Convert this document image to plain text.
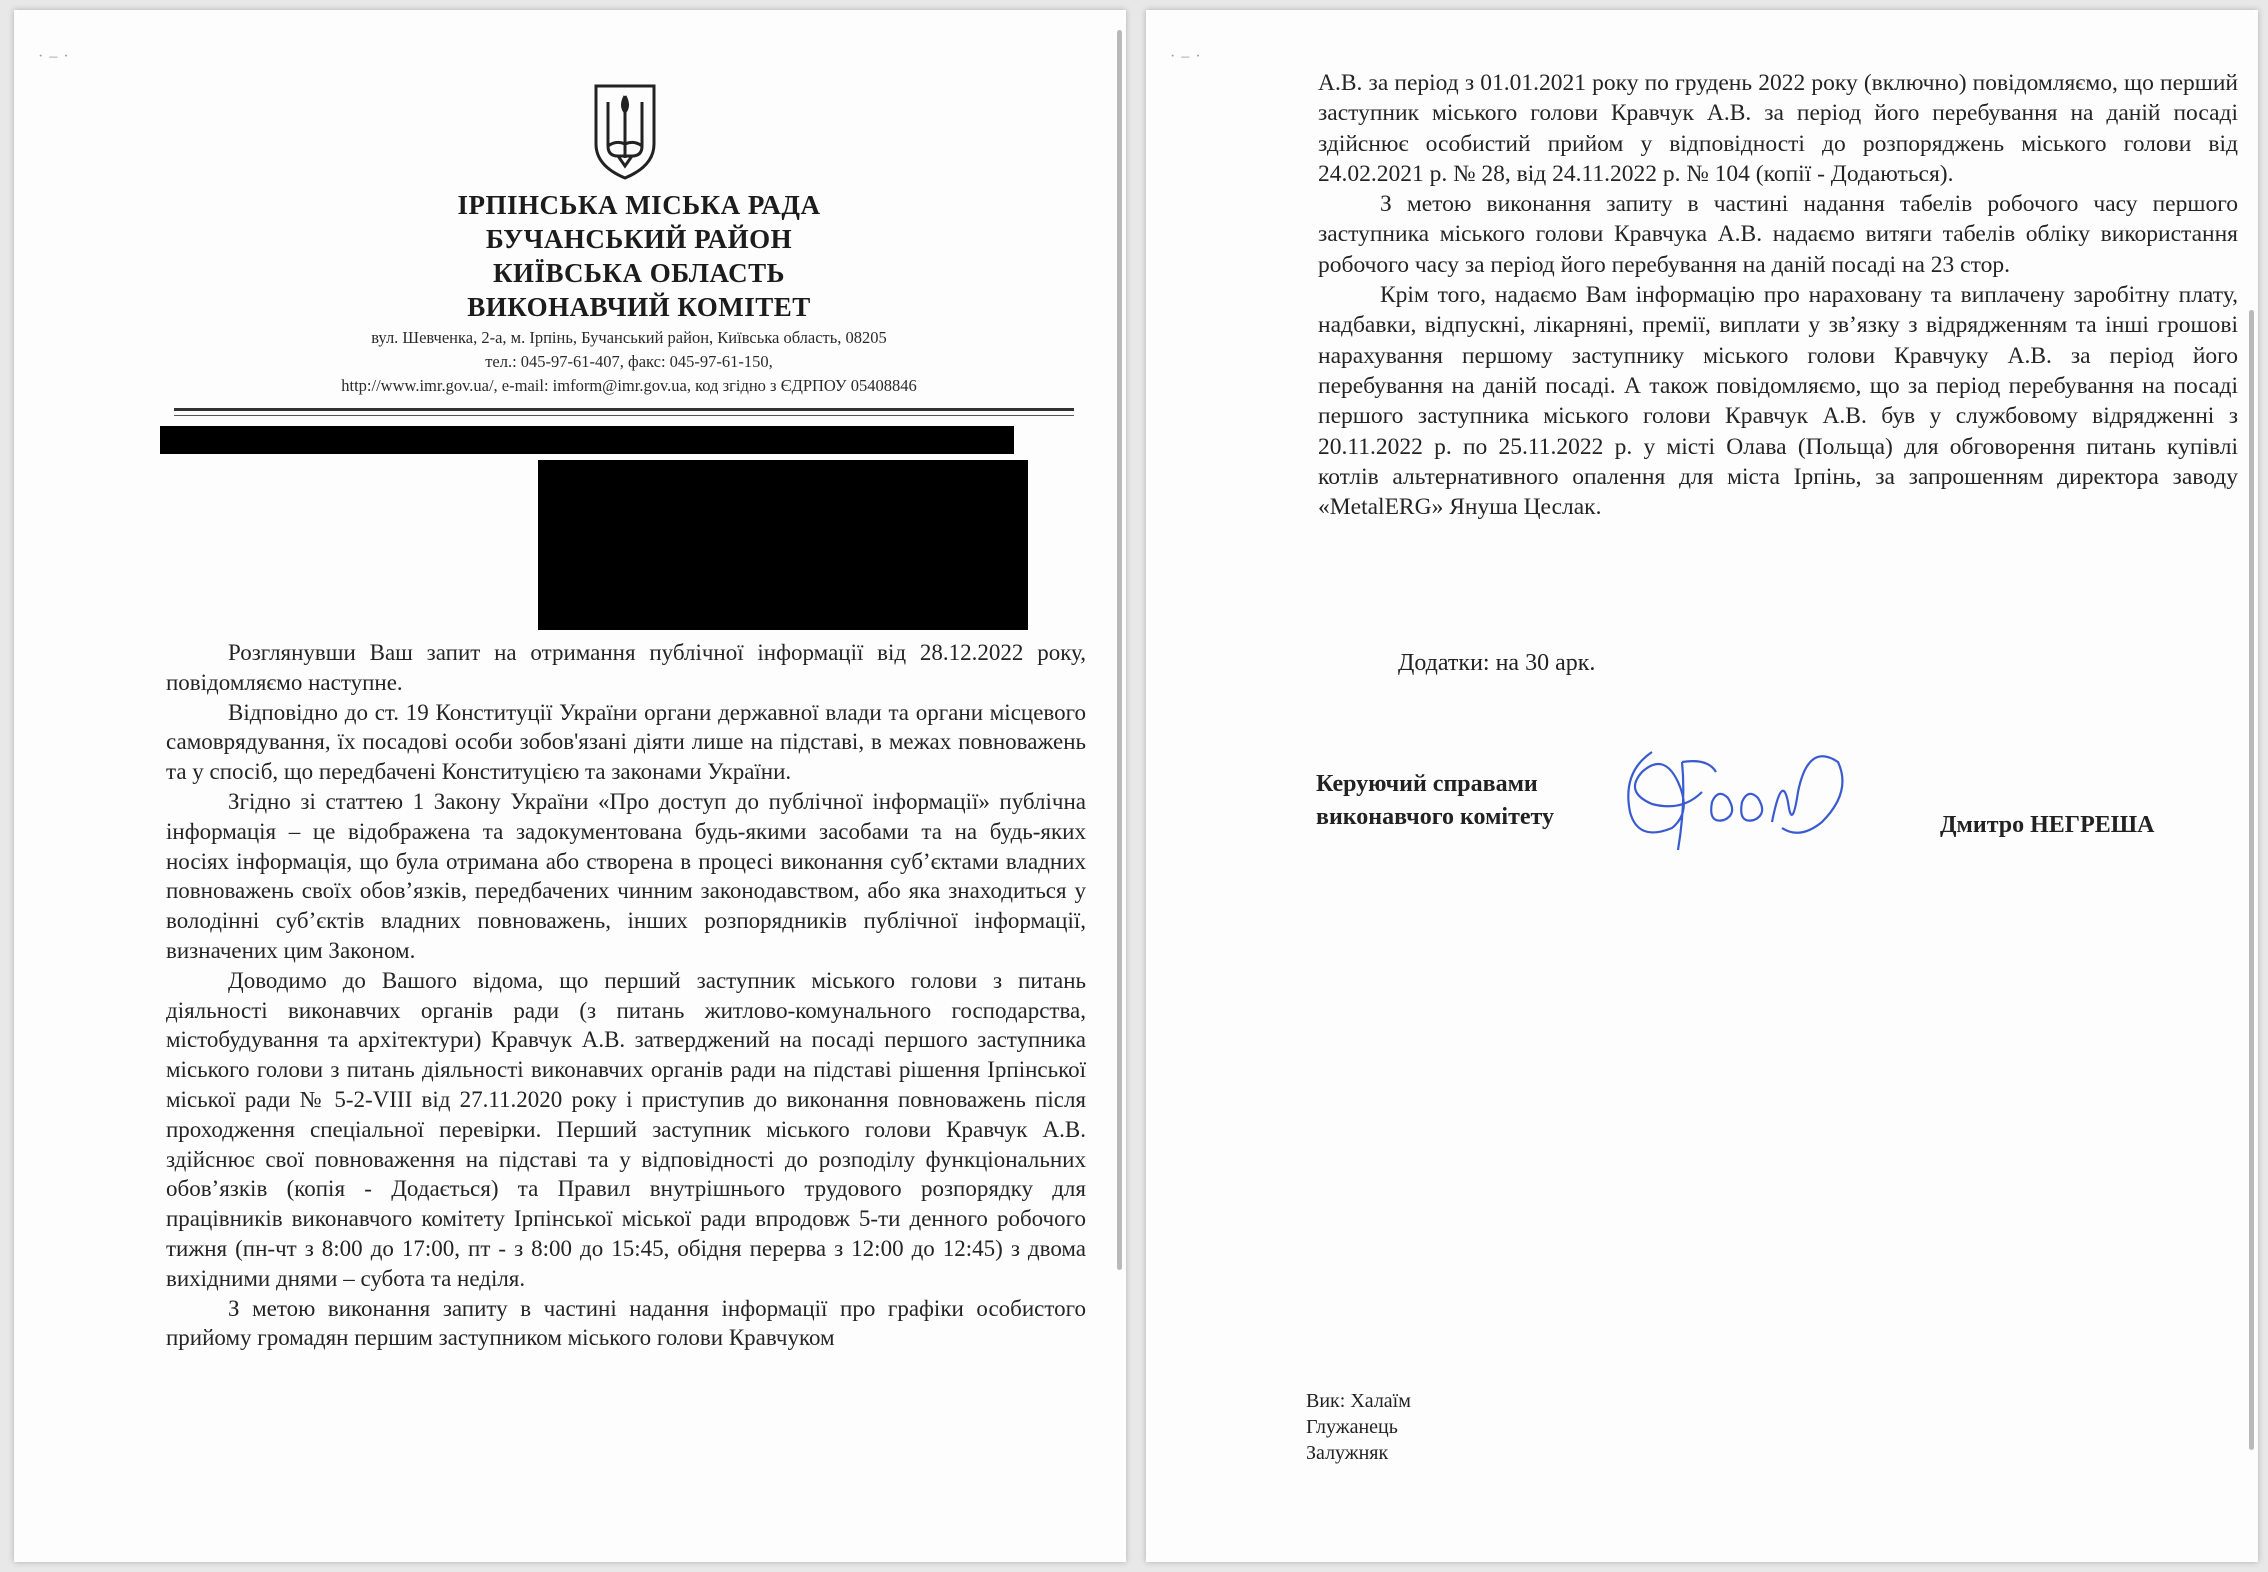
·–·
ІРПІНСЬКА МІСЬКА РАДА
БУЧАНСЬКИЙ РАЙОН
КИЇВСЬКА ОБЛАСТЬ
ВИКОНАВЧИЙ КОМІТЕТ
вул. Шевченка, 2-а, м. Ірпінь, Бучанський район, Київська область, 08205
тел.: 045-97-61-407, факс: 045-97-61-150,
http://www.imr.gov.ua/, e-mail: imform@imr.gov.ua, код згідно з ЄДРПОУ 05408846

Розглянувши Ваш запит на отримання публічної інформації від 28.12.2022 року, повідомляємо наступне.

Відповідно до ст. 19 Конституції України органи державної влади та органи місцевого самоврядування, їх посадові особи зобов'язані діяти лише на підставі, в межах повноважень та у спосіб, що передбачені Конституцією та законами України.

Згідно зі статтею 1 Закону України «Про доступ до публічної інформації» публічна інформація – це відображена та задокументована будь-якими засобами та на будь-яких носіях інформація, що була отримана або створена в процесі виконання суб’єктами владних повноважень своїх обов’язків, передбачених чинним законодавством, або яка знаходиться у володінні суб’єктів владних повноважень, інших розпорядників публічної інформації, визначених цим Законом.

Доводимо до Вашого відома, що перший заступник міського голови з питань діяльності виконавчих органів ради (з питань житлово-комунального господарства, містобудування та архітектури) Кравчук А.В. затверджений на посаді першого заступника міського голови з питань діяльності виконавчих органів ради на підставі рішення Ірпінської міської ради № 5-2-VIII від 27.11.2020 року і приступив до виконання повноважень після проходження спеціальної перевірки. Перший заступник міського голови Кравчук А.В. здійснює свої повноваження на підставі та у відповідності до розподілу функціональних обов’язків (копія - Додається) та Правил внутрішнього трудового розпорядку для працівників виконавчого комітету Ірпінської міської ради впродовж 5-ти денного робочого тижня (пн-чт з 8:00 до 17:00, пт - з 8:00 до 15:45, обідня перерва з 12:00 до 12:45) з двома вихідними днями – субота та неділя.

З метою виконання запиту в частині надання інформації про графіки особистого прийому громадян першим заступником міського голови Кравчуком

·–·

А.В. за період з 01.01.2021 року по грудень 2022 року (включно) повідомляємо, що перший заступник міського голови Кравчук А.В. за період його перебування на даній посаді здійснює особистий прийом у відповідності до розпоряджень міського голови від 24.02.2021 р. № 28, від 24.11.2022 р. № 104 (копії - Додаються).

З метою виконання запиту в частині надання табелів робочого часу першого заступника міського голови Кравчука А.В. надаємо витяги табелів обліку використання робочого часу за період його перебування на даній посаді на 23 стор.

Крім того, надаємо Вам інформацію про нараховану та виплачену заробітну плату, надбавки, відпускні, лікарняні, премії, виплати у зв’язку з відрядженням та інші грошові нарахування першому заступнику міського голови Кравчуку А.В. за період його перебування на даній посаді. А також повідомляємо, що за період перебування на посаді першого заступника міського голови Кравчук А.В. був у службовому відрядженні з 20.11.2022 р. по 25.11.2022 р. у місті Олава (Польща) для обговорення питань купівлі котлів альтернативного опалення для міста Ірпінь, за запрошенням директора заводу «MetalERG» Януша Цеслак.

Додатки: на 30 арк.
Керуючий справами
виконавчого комітету	Дмитро НЕГРЕША
Вик: Халаїм
Глужанець
Залужняк
